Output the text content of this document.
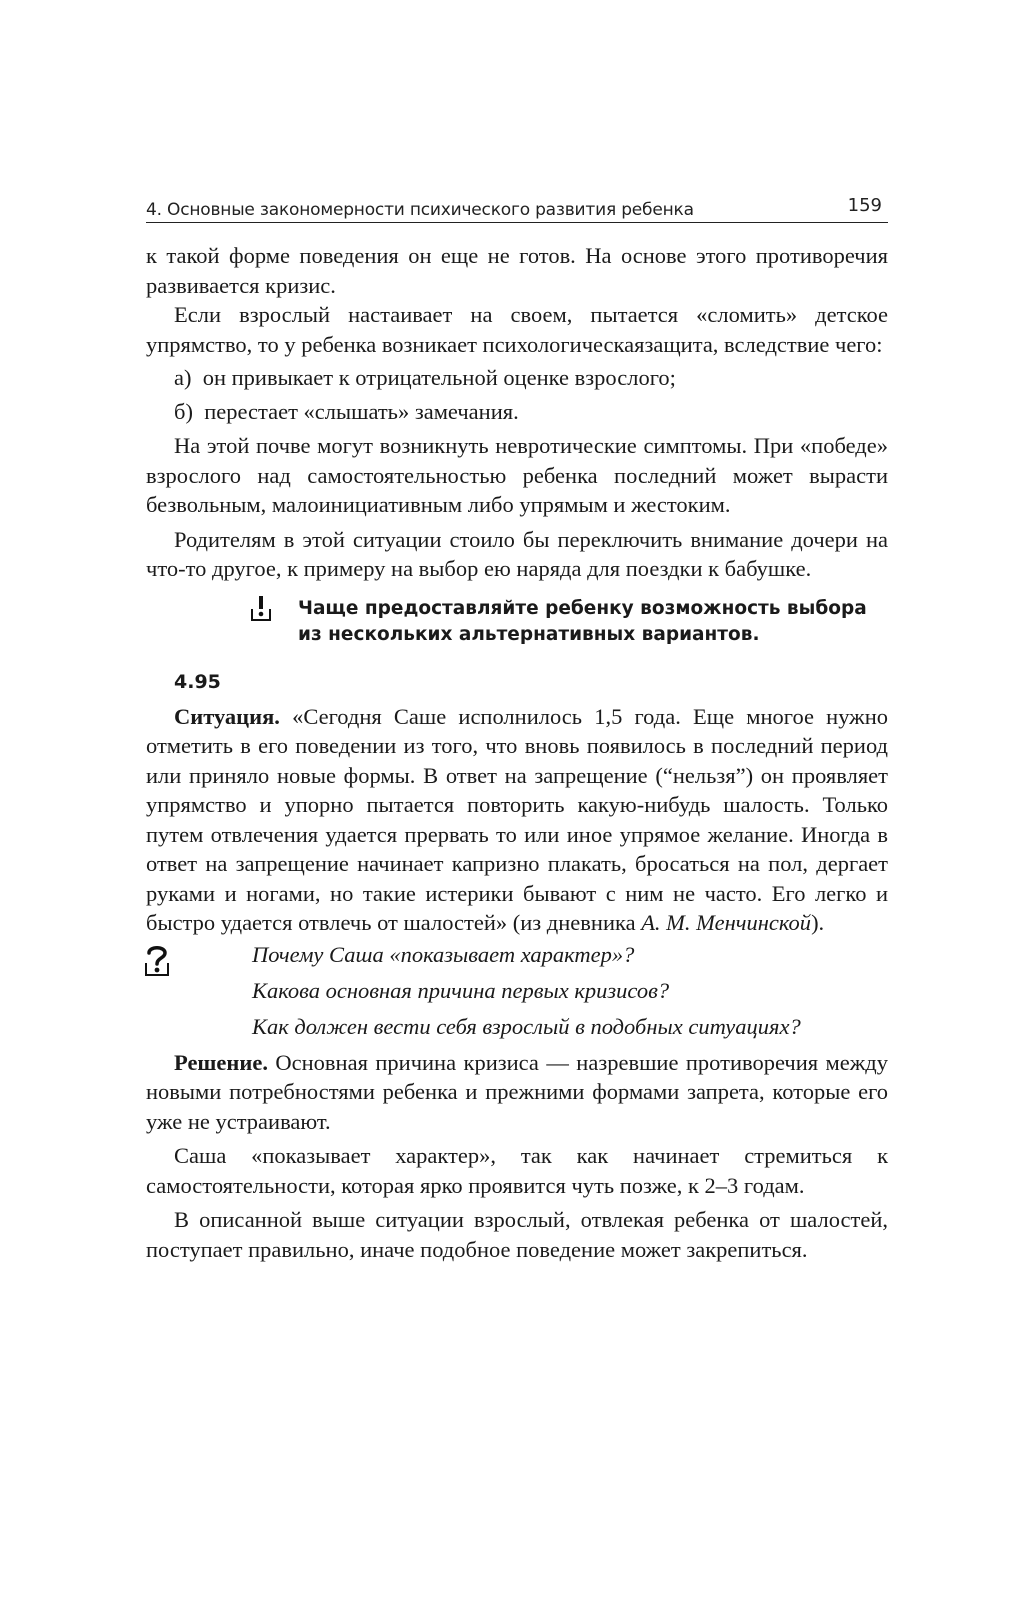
4. Основные закономерности психического развития ребенка	159

к такой форме поведения он еще не готов. На основе этого противоречия развивается кризис.

Если взрослый настаивает на своем, пытается «сломить» детское упрямство, то у ребенка возникает психологическаязащита, вследствие чего:

а)  он привыкает к отрицательной оценке взрослого;

б)  перестает «слышать» замечания.

На этой почве могут возникнуть невротические симптомы. При «победе» взрослого над самостоятельностью ребенка последний может вырасти безвольным, малоинициативным либо упрямым и жестоким.

Родителям в этой ситуации стоило бы переключить внимание дочери на что-то другое, к примеру на выбор ею наряда для поездки к бабушке.

Чаще предоставляйте ребенку возможность выбора из нескольких альтернативных вариантов.
4.95

Ситуация. «Сегодня Саше исполнилось 1,5 года. Еще многое нужно отметить в его поведении из того, что вновь появилось в последний период или приняло новые формы. В ответ на запрещение (“нельзя”) он проявляет упрямство и упорно пытается повторить какую-нибудь шалость. Только путем отвлечения удается прервать то или иное упрямое желание. Иногда в ответ на запрещение начинает капризно плакать, бросаться на пол, дергает руками и ногами, но такие истерики бывают с ним не часто. Его легко и быстро удается отвлечь от шалостей» (из дневника А. М. Менчинской).

Почему Саша «показывает характер»?

Какова основная причина первых кризисов?

Как должен вести себя взрослый в подобных ситуациях?

Решение. Основная причина кризиса — назревшие противоречия между новыми потребностями ребенка и прежними формами запрета, которые его уже не устраивают.

Саша «показывает характер», так как начинает стремиться к самостоятельности, которая ярко проявится чуть позже, к 2–3 годам.

В описанной выше ситуации взрослый, отвлекая ребенка от шалостей, поступает правильно, иначе подобное поведение может закрепиться.
